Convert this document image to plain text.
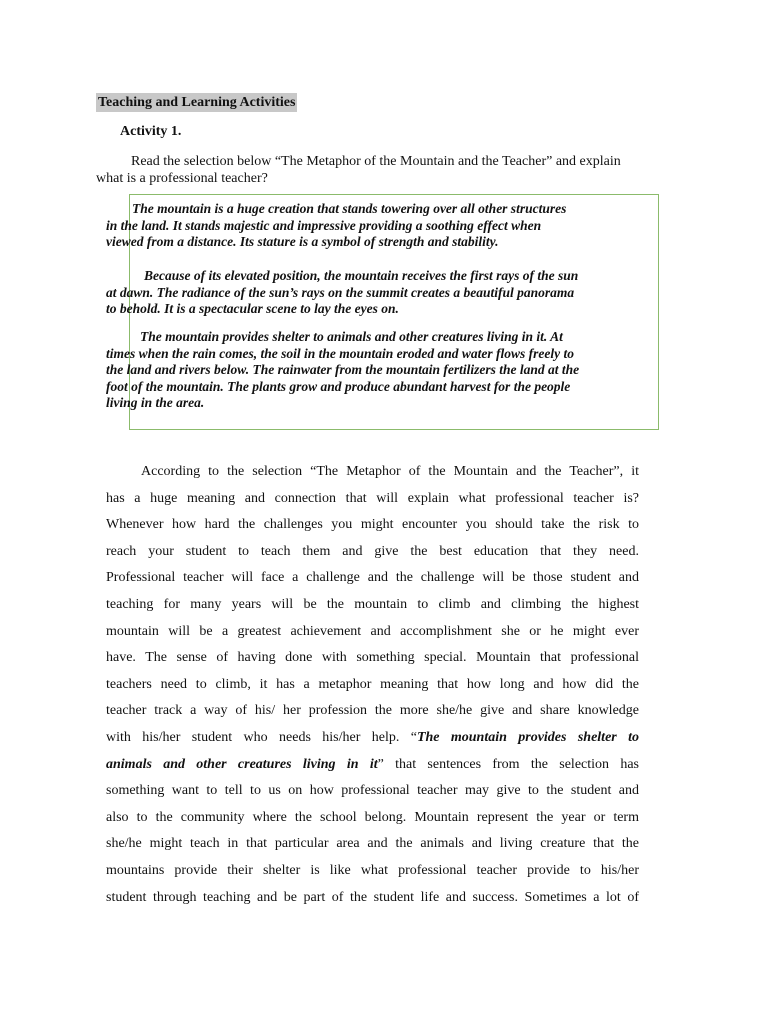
Teaching and Learning Activities
Activity 1.
Read the selection below “The Metaphor of the Mountain and the Teacher” and explain
what is a professional teacher?
The mountain is a huge creation that stands towering over all other structures
in the land. It stands majestic and impressive providing a soothing effect when
viewed from a distance. Its stature is a symbol of strength and stability.
Because of its elevated position, the mountain receives the first rays of the sun
at dawn. The radiance of the sun’s rays on the summit creates a beautiful panorama
to behold. It is a spectacular scene to lay the eyes on.
The mountain provides shelter to animals and other creatures living in it. At
times when the rain comes, the soil in the mountain eroded and water flows freely to
the land and rivers below. The rainwater from the mountain fertilizers the land at the
foot of the mountain. The plants grow and produce abundant harvest for the people
living in the area.
According to the selection “The Metaphor of the Mountain and the Teacher”, it
has a huge meaning and connection that will explain what professional teacher is?
Whenever how hard the challenges you might encounter you should take the risk to
reach your student to teach them and give the best education that they need.
Professional teacher will face a challenge and the challenge will be those student and
teaching for many years will be the mountain to climb and climbing the highest
mountain will be a greatest achievement and accomplishment she or he might ever
have. The sense of having done with something special. Mountain that professional
teachers need to climb, it has a metaphor meaning that how long and how did the
teacher track a way of his/ her profession the more she/he give and share knowledge
with his/her student who needs his/her help. “The mountain provides shelter to
animals and other creatures living in it” that sentences from the selection has
something want to tell to us on how professional teacher may give to the student and
also to the community where the school belong. Mountain represent the year or term
she/he might teach in that particular area and the animals and living creature that the
mountains provide their shelter is like what professional teacher provide to his/her
student through teaching and be part of the student life and success. Sometimes a lot of
